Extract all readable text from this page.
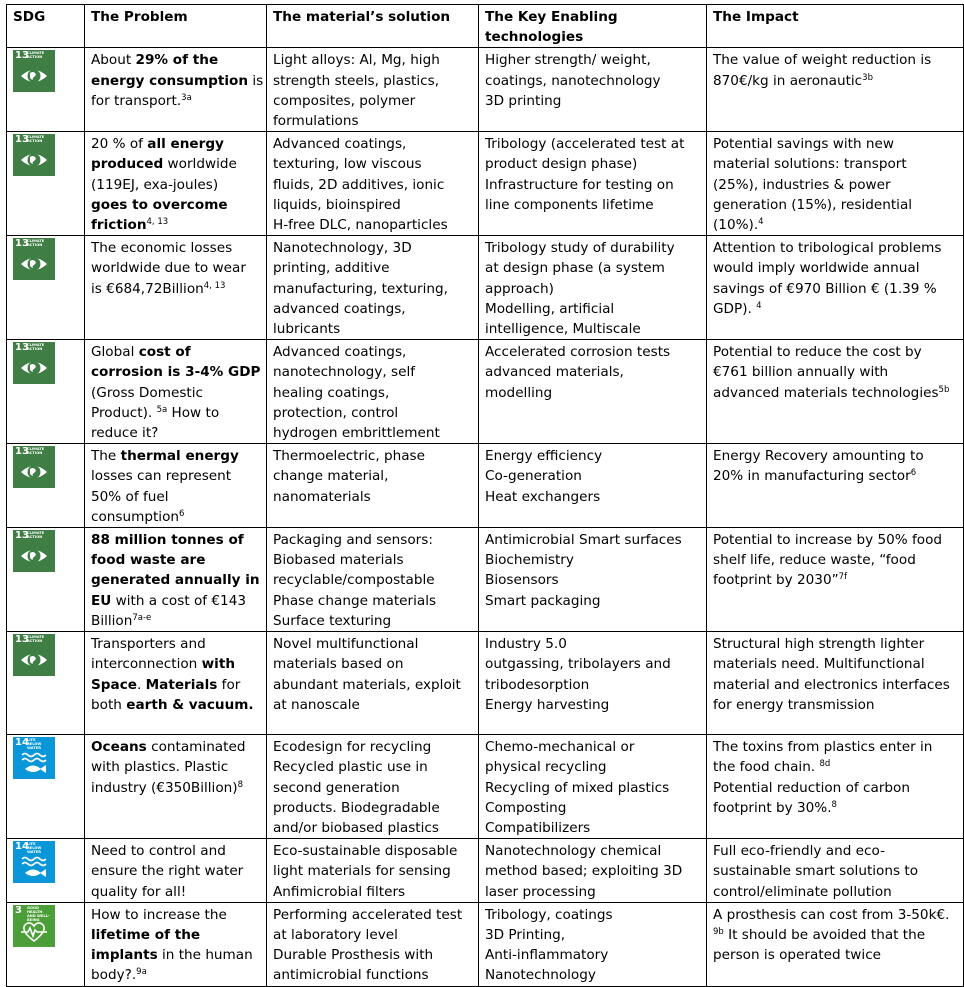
SDG	The Problem	The material’s solution	The Key Enabling technologies	The Impact

13
CLIMATE
ACTION	About 29% of the
energy consumption is
for transport.$^{3a}$	Light alloys: Al, Mg, high
strength steels, plastics,
composites, polymer
formulations	Higher strength/ weight,
coatings, nanotechnology
3D printing	The value of weight reduction is
870€/kg in aeronautic$^{3b}$

13
CLIMATE
ACTION	20 % of all energy
produced worldwide
(119EJ, exa-joules)
goes to overcome
friction$^{4, 13}$	Advanced coatings,
texturing, low viscous
fluids, 2D additives, ionic
liquids, bioinspired
H-free DLC, nanoparticles	Tribology (accelerated test at
product design phase)
Infrastructure for testing on
line components lifetime	Potential savings with new
material solutions: transport
(25%), industries & power
generation (15%), residential
(10%).$^4$

13
CLIMATE
ACTION	The economic losses
worldwide due to wear
is €684,72Billion$^{4, 13}$	Nanotechnology, 3D
printing, additive
manufacturing, texturing,
advanced coatings,
lubricants	Tribology study of durability
at design phase (a system
approach)
Modelling, artificial
intelligence, Multiscale	Attention to tribological problems
would imply worldwide annual
savings of €970 Billion € (1.39 %
GDP). $^4$

13
CLIMATE
ACTION	Global cost of
corrosion is 3-4% GDP
(Gross Domestic
Product). $^{5a}$ How to
reduce it?	Advanced coatings,
nanotechnology, self
healing coatings,
protection, control
hydrogen embrittlement	Accelerated corrosion tests
advanced materials,
modelling	Potential to reduce the cost by
€761 billion annually with
advanced materials technologies$^{5b}$

13
CLIMATE
ACTION	The thermal energy
losses can represent
50% of fuel
consumption$^6$	Thermoelectric, phase
change material,
nanomaterials	Energy efficiency
Co-generation
Heat exchangers	Energy Recovery amounting to
20% in manufacturing sector$^6$

13
CLIMATE
ACTION	88 million tonnes of
food waste are
generated annually in
EU with a cost of €143
Billion$^{7a-e}$	Packaging and sensors:
Biobased materials
recyclable/compostable
Phase change materials
Surface texturing	Antimicrobial Smart surfaces
Biochemistry
Biosensors
Smart packaging	Potential to increase by 50% food
shelf life, reduce waste, “food
footprint by 2030”$^{7f}$

13
CLIMATE
ACTION	Transporters and
interconnection with
Space. Materials for
both earth & vacuum.	Novel multifunctional
materials based on
abundant materials, exploit
at nanoscale	Industry 5.0
outgassing, tribolayers and
tribodesorption
Energy harvesting	Structural high strength lighter
materials need. Multifunctional
material and electronics interfaces
for energy transmission

14
LIFE
BELOW WATER	Oceans contaminated
with plastics. Plastic
industry (€350Billion)$^8$	Ecodesign for recycling
Recycled plastic use in
second generation
products. Biodegradable
and/or biobased plastics	Chemo-mechanical or
physical recycling
Recycling of mixed plastics
Composting
Compatibilizers	The toxins from plastics enter in
the food chain. $^{8d}$
Potential reduction of carbon
footprint by 30%.$^8$

14
LIFE
BELOW WATER	Need to control and
ensure the right water
quality for all!	Eco-sustainable disposable
light materials for sensing
Anfimicrobial filters	Nanotechnology chemical
method based; exploiting 3D
laser processing	Full eco-friendly and eco-
sustainable smart solutions to
control/eliminate pollution

3 GOOD HEALTH
AND WELL-BEING	How to increase the
lifetime of the
implants in the human
body?.$^{9a}$	Performing accelerated test
at laboratory level
Durable Prosthesis with
antimicrobial functions	Tribology, coatings
3D Printing,
Anti-inflammatory
Nanotechnology	A prosthesis can cost from 3-50k€.
$^{9b}$ It should be avoided that the
person is operated twice
